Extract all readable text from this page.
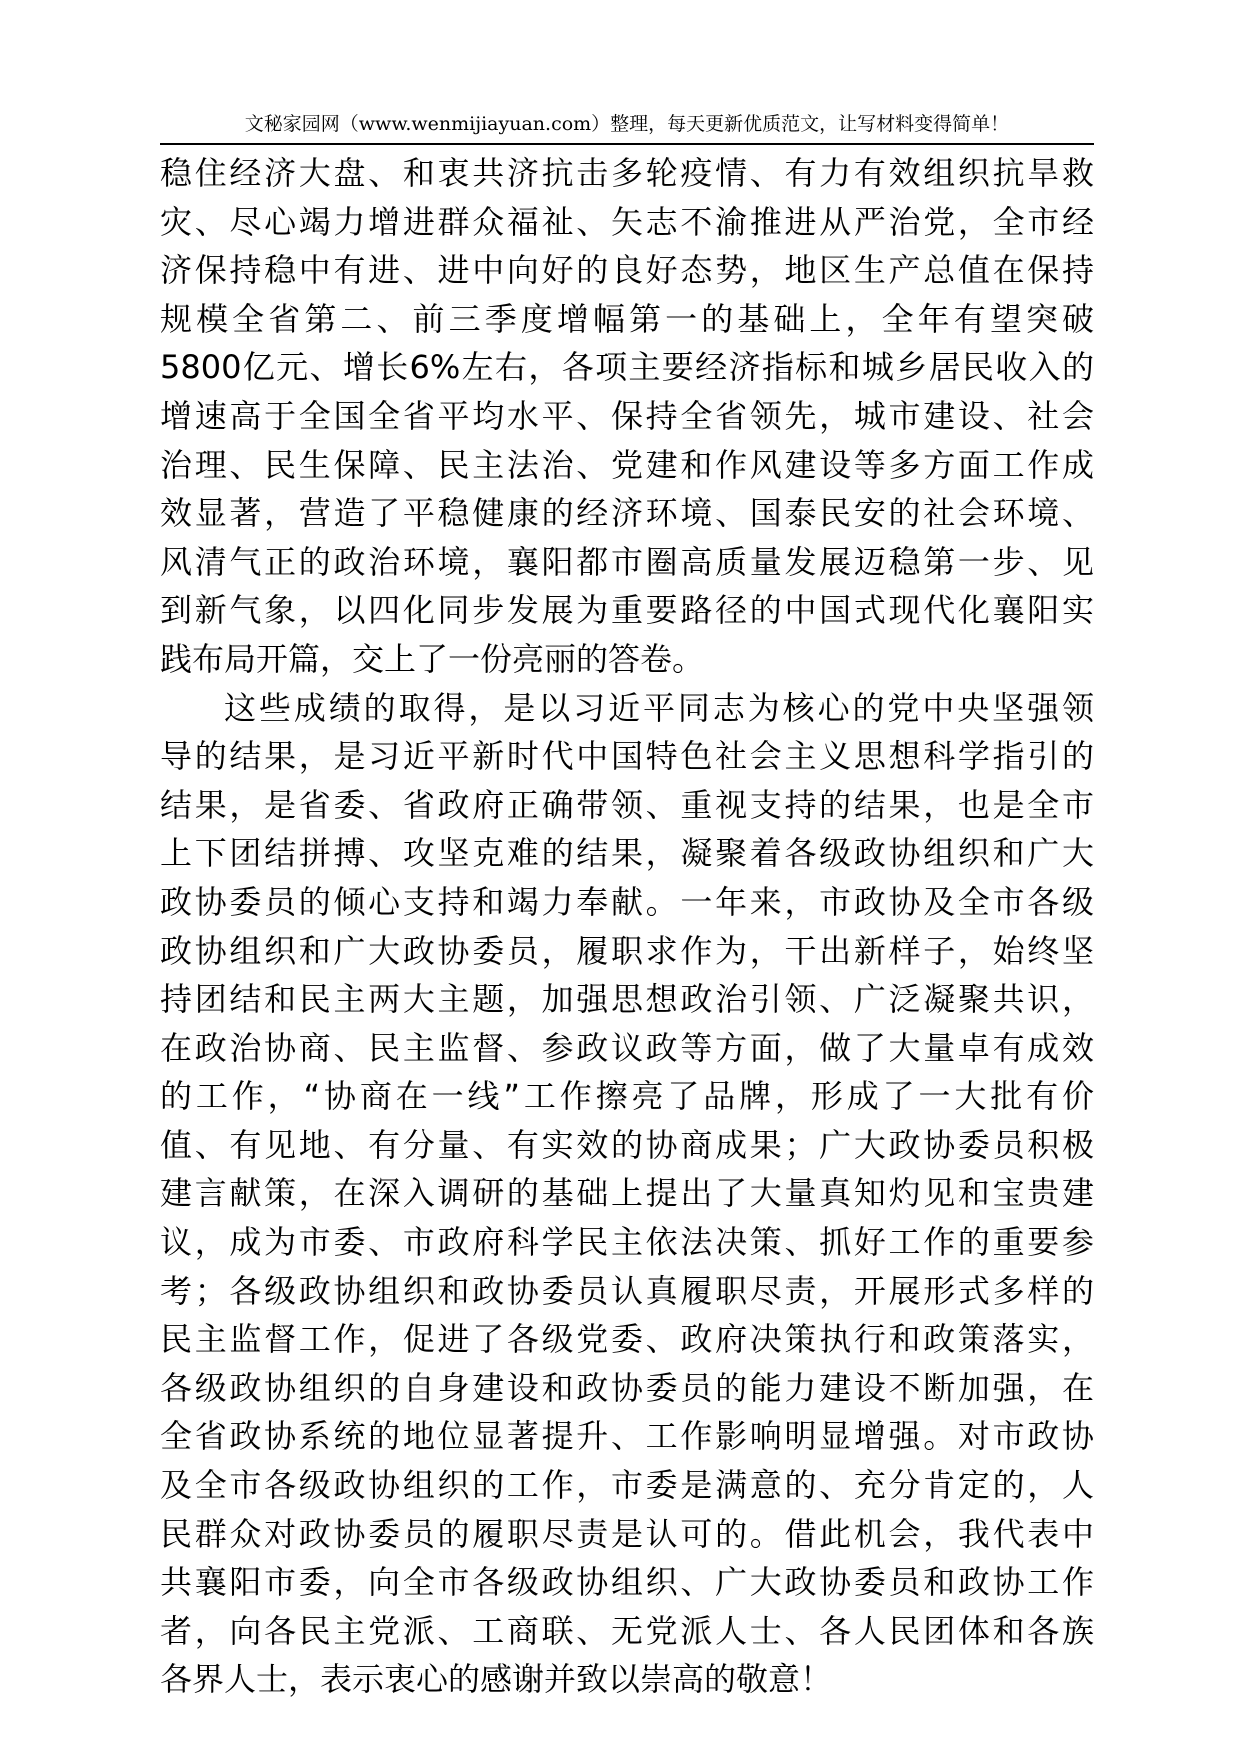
文秘家园网（www.wenmijiayuan.com）整理，每天更新优质范文，让写材料变得简单！
稳住经济大盘、和衷共济抗击多轮疫情、有力有效组织抗旱救
灾、尽心竭力增进群众福祉、矢志不渝推进从严治党，全市经
济保持稳中有进、进中向好的良好态势，地区生产总值在保持
规模全省第二、前三季度增幅第一的基础上，全年有望突破
5800亿元、增长6%左右，各项主要经济指标和城乡居民收入的
增速高于全国全省平均水平、保持全省领先，城市建设、社会
治理、民生保障、民主法治、党建和作风建设等多方面工作成
效显著，营造了平稳健康的经济环境、国泰民安的社会环境、
风清气正的政治环境，襄阳都市圈高质量发展迈稳第一步、见
到新气象，以四化同步发展为重要路径的中国式现代化襄阳实
践布局开篇，交上了一份亮丽的答卷。
这些成绩的取得，是以习近平同志为核心的党中央坚强领
导的结果，是习近平新时代中国特色社会主义思想科学指引的
结果，是省委、省政府正确带领、重视支持的结果，也是全市
上下团结拼搏、攻坚克难的结果，凝聚着各级政协组织和广大
政协委员的倾心支持和竭力奉献。一年来，市政协及全市各级
政协组织和广大政协委员，履职求作为，干出新样子，始终坚
持团结和民主两大主题，加强思想政治引领、广泛凝聚共识，
在政治协商、民主监督、参政议政等方面，做了大量卓有成效
的工作，“协商在一线”工作擦亮了品牌，形成了一大批有价
值、有见地、有分量、有实效的协商成果；广大政协委员积极
建言献策，在深入调研的基础上提出了大量真知灼见和宝贵建
议，成为市委、市政府科学民主依法决策、抓好工作的重要参
考；各级政协组织和政协委员认真履职尽责，开展形式多样的
民主监督工作，促进了各级党委、政府决策执行和政策落实，
各级政协组织的自身建设和政协委员的能力建设不断加强，在
全省政协系统的地位显著提升、工作影响明显增强。对市政协
及全市各级政协组织的工作，市委是满意的、充分肯定的，人
民群众对政协委员的履职尽责是认可的。借此机会，我代表中
共襄阳市委，向全市各级政协组织、广大政协委员和政协工作
者，向各民主党派、工商联、无党派人士、各人民团体和各族
各界人士，表示衷心的感谢并致以崇高的敬意！
